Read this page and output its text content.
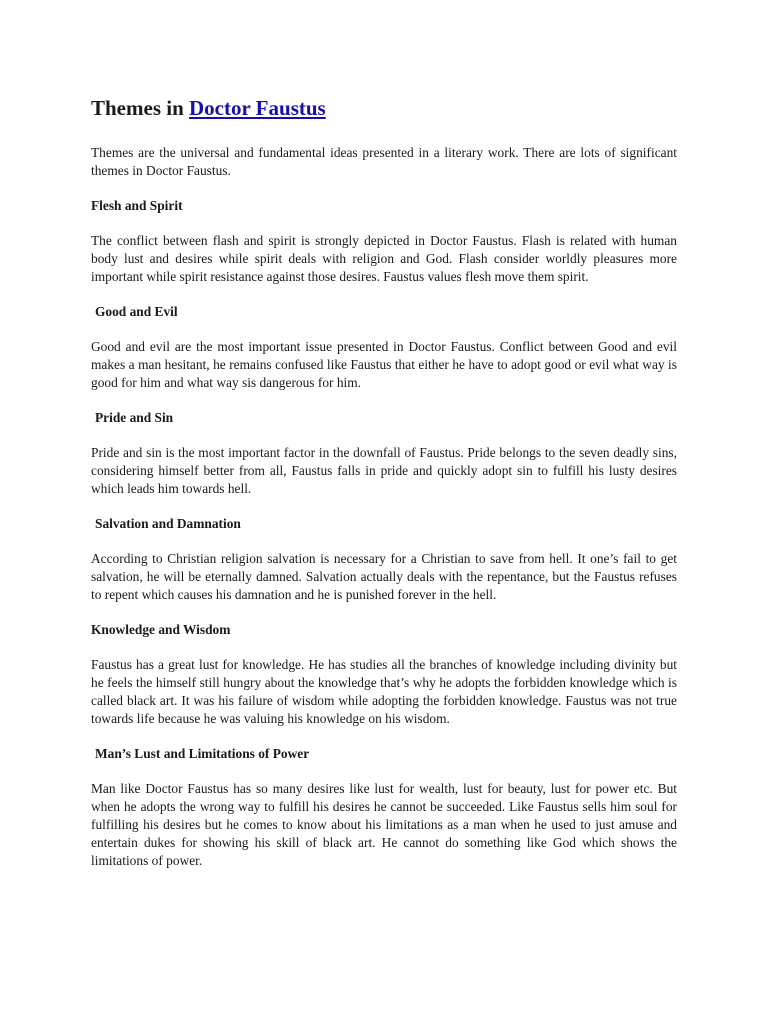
Themes in Doctor Faustus

Themes are the universal and fundamental ideas presented in a literary work. There are lots of significant themes in Doctor Faustus.

Flesh and Spirit

The conflict between flash and spirit is strongly depicted in Doctor Faustus. Flash is related with human body lust and desires while spirit deals with religion and God. Flash consider worldly pleasures more important while spirit resistance against those desires. Faustus values flesh move them spirit.

Good and Evil

Good and evil are the most important issue presented in Doctor Faustus. Conflict between Good and evil makes a man hesitant, he remains confused like Faustus that either he have to adopt good or evil what way is good for him and what way sis dangerous for him.

Pride and Sin

Pride and sin is the most important factor in the downfall of Faustus. Pride belongs to the seven deadly sins, considering himself better from all, Faustus falls in pride and quickly adopt sin to fulfill his lusty desires which leads him towards hell.

Salvation and Damnation

According to Christian religion salvation is necessary for a Christian to save from hell. It one’s fail to get salvation, he will be eternally damned. Salvation actually deals with the repentance, but the Faustus refuses to repent which causes his damnation and he is punished forever in the hell.

Knowledge and Wisdom

Faustus has a great lust for knowledge. He has studies all the branches of knowledge including divinity but he feels the himself still hungry about the knowledge that’s why he adopts the forbidden knowledge which is called black art. It was his failure of wisdom while adopting the forbidden knowledge. Faustus was not true towards life because he was valuing his knowledge on his wisdom.

Man’s Lust and Limitations of Power

Man like Doctor Faustus has so many desires like lust for wealth, lust for beauty, lust for power etc. But when he adopts the wrong way to fulfill his desires he cannot be succeeded. Like Faustus sells him soul for fulfilling his desires but he comes to know about his limitations as a man when he used to just amuse and entertain dukes for showing his skill of black art. He cannot do something like God which shows the limitations of power.
